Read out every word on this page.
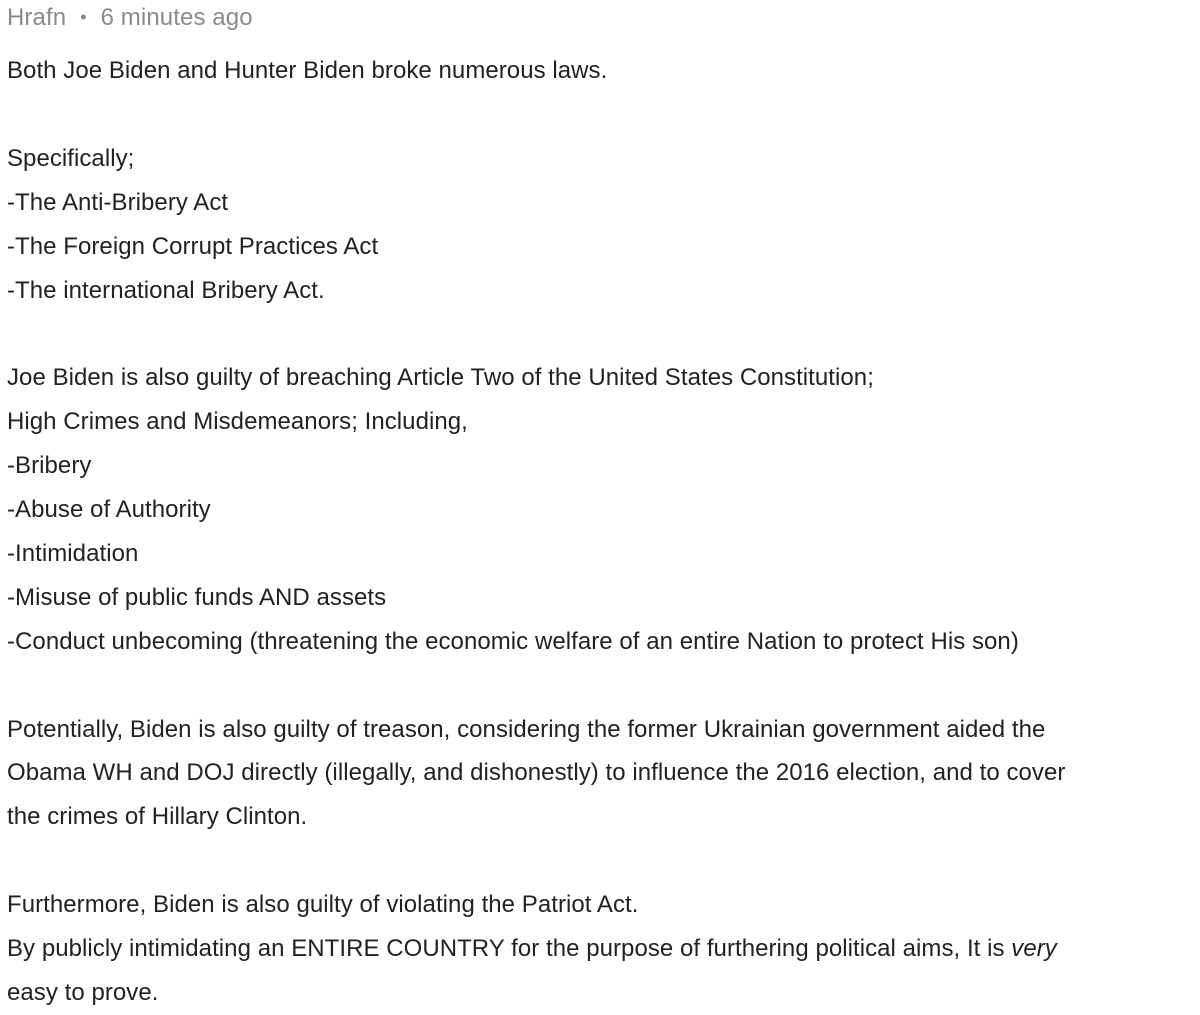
Hrafn • 6 minutes ago
Both Joe Biden and Hunter Biden broke numerous laws.
Specifically;
-The Anti-Bribery Act
-The Foreign Corrupt Practices Act
-The international Bribery Act.
Joe Biden is also guilty of breaching Article Two of the United States Constitution;
High Crimes and Misdemeanors; Including,
-Bribery
-Abuse of Authority
-Intimidation
-Misuse of public funds AND assets
-Conduct unbecoming (threatening the economic welfare of an entire Nation to protect His son)
Potentially, Biden is also guilty of treason, considering the former Ukrainian government aided the
Obama WH and DOJ directly (illegally, and dishonestly) to influence the 2016 election, and to cover
the crimes of Hillary Clinton.
Furthermore, Biden is also guilty of violating the Patriot Act.
By publicly intimidating an ENTIRE COUNTRY for the purpose of furthering political aims, It is very
easy to prove.
